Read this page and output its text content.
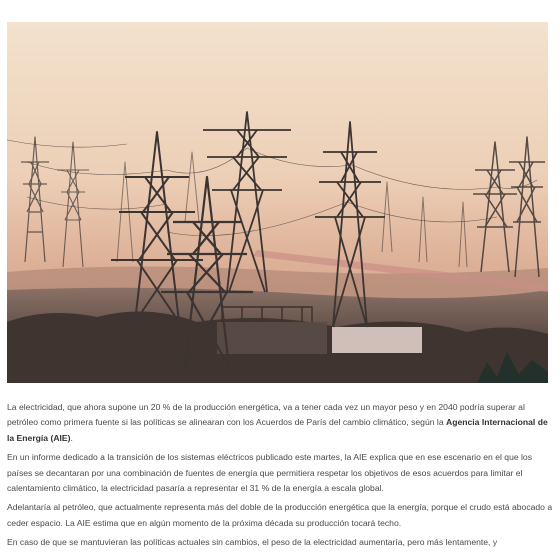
La electricidad, que ahora supone un 20 % de la producción energética, va a tener cada vez un mayor peso y en 2040 podría superar al petróleo como primera fuente si las políticas se alinearan con los Acuerdos de París del cambio climático, según la Agencia Internacional de la Energía (AIE).

En un informe dedicado a la transición de los sistemas eléctricos publicado este martes, la AIE explica que en ese escenario en el que los países se decantaran por una combinación de fuentes de energía que permitiera respetar los objetivos de esos acuerdos para limitar el calentamiento climático, la electricidad pasaría a representar el 31 % de la energía a escala global.

Adelantaría al petróleo, que actualmente representa más del doble de la producción energética que la energía, porque el crudo está abocado a ceder espacio. La AIE estima que en algún momento de la próxima década su producción tocará techo.

En caso de que se mantuvieran las políticas actuales sin cambios, el peso de la electricidad aumentaría, pero más lentamente, y
